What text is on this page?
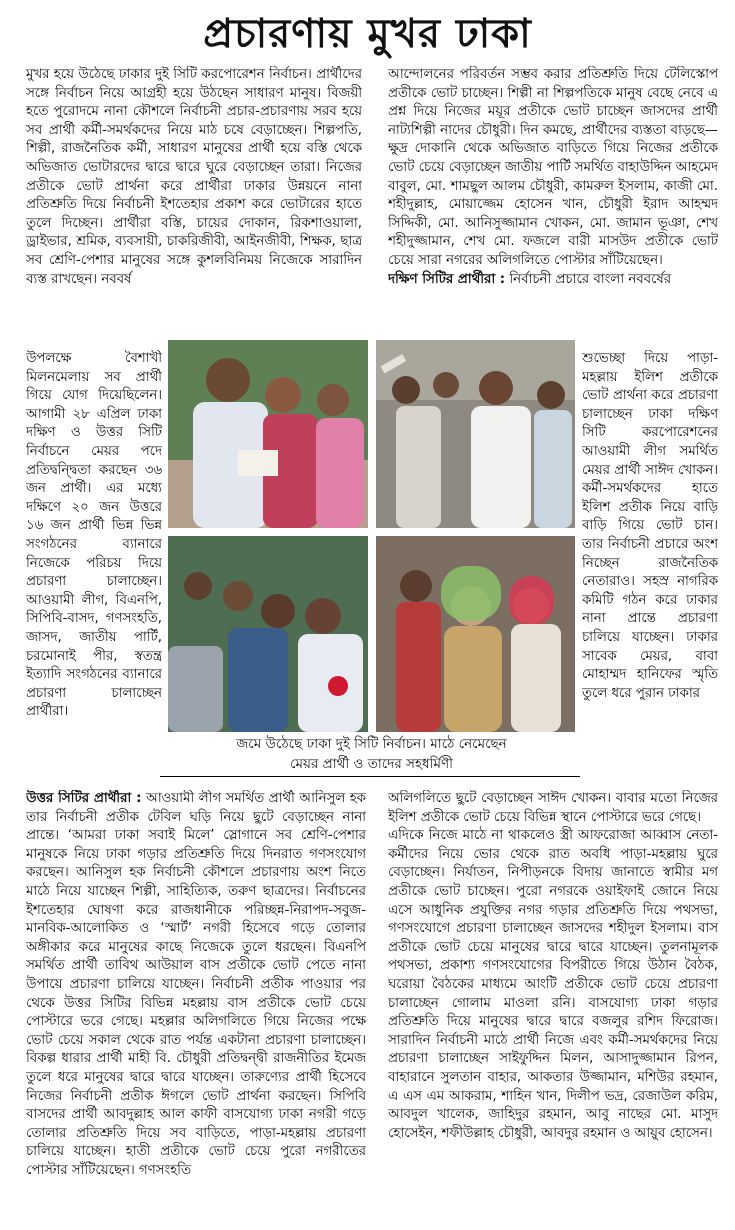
প্রচারণায় মুখর ঢাকা

মুখর হয়ে উঠেছে ঢাকার দুই সিটি করপোরেশন নির্বাচন। প্রার্থীদের সঙ্গে নির্বাচন নিয়ে আগ্রহী হয়ে উঠছেন সাধারণ মানুষ। বিজয়ী হতে পুরোদমে নানা কৌশলে নির্বাচনী প্রচার-প্রচারণায় সরব হয়ে সব প্রার্থী কর্মী-সমর্থকদের নিয়ে মাঠ চষে বেড়াচ্ছেন। শিল্পপতি, শিল্পী, রাজনৈতিক কর্মী, সাধারণ মানুষের প্রার্থী হয়ে বস্তি থেকে অভিজাত ভোটারদের দ্বারে দ্বারে ঘুরে বেড়াচ্ছেন তারা। নিজের প্রতীকে ভোট প্রার্থনা করে প্রার্থীরা ঢাকার উন্নয়নে নানা প্রতিশ্রুতি দিয়ে নির্বাচনী ইশতেহার প্রকাশ করে ভোটারের হাতে তুলে দিচ্ছেন। প্রার্থীরা বস্তি, চায়ের দোকান, রিকশাওয়ালা, ড্রাইভার, শ্রমিক, ব্যবসায়ী, চাকরিজীবী, আইনজীবী, শিক্ষক, ছাত্র সব শ্রেণি-পেশার মানুষের সঙ্গে কুশলবিনিময় নিজেকে সারাদিন ব্যস্ত রাখছেন। নববর্ষ

উপলক্ষে বৈশাখী মিলনমেলায় সব প্রার্থী গিয়ে যোগ দিয়েছিলেন। আগামী ২৮ এপ্রিল ঢাকা দক্ষিণ ও উত্তর সিটি নির্বাচনে মেয়র পদে প্রতিদ্বন্দ্বিতা করছেন ৩৬ জন প্রার্থী। এর মধ্যে দক্ষিণে ২০ জন উত্তরে ১৬ জন প্রার্থী ভিন্ন ভিন্ন সংগঠনের ব্যানারে নিজেকে পরিচয় দিয়ে প্রচারণা চালাচ্ছেন। আওয়ামী লীগ, বিএনপি, সিপিবি-বাসদ, গণসংহতি, জাসদ, জাতীয় পার্টি, চরমোনাই পীর, স্বতন্ত্র ইত্যাদি সংগঠনের ব্যানারে প্রচারণা চালাচ্ছেন প্রার্থীরা।

আন্দোলনের পরিবর্তন সম্ভব করার প্রতিশ্রুতি দিয়ে টেলিস্কোপ প্রতীকে ভোট চাচ্ছেন। শিল্পী না শিল্পপতিকে মানুষ বেছে নেবে এ প্রশ্ন দিয়ে নিজের ময়ূর প্রতীকে ভোট চাচ্ছেন জাসদের প্রার্থী নাট্যশিল্পী নাদের চৌধুরী। দিন কমছে, প্রার্থীদের ব্যস্ততা বাড়ছে— ক্ষুদ্র দোকানি থেকে অভিজাত বাড়িতে গিয়ে নিজের প্রতীকে ভোট চেয়ে বেড়াচ্ছেন জাতীয় পার্টি সমর্থিত বাহাউদ্দিন আহমেদ বাবুল, মো. শামছুল আলম চৌধুরী, কামরুল ইসলাম, কাজী মো. শহীদুল্লাহ, মোয়াজ্জেম হোসেন খান, চৌধুরী ইরাদ আহম্মদ সিদ্দিকী, মো. আনিসুজ্জামান খোকন, মো. জামান ভূঞা, শেখ শহীদুজ্জামান, শেখ মো. ফজলে বারী মাসউদ প্রতীকে ভোট চেয়ে সারা নগরের অলিগলিতে পোস্টার সাঁটিয়েছেন।

দক্ষিণ সিটির প্রার্থীরা : নির্বাচনী প্রচারে বাংলা নববর্ষের

শুভেচ্ছা দিয়ে পাড়া-মহল্লায় ইলিশ প্রতীকে ভোট প্রার্থনা করে প্রচারণা চালাচ্ছেন ঢাকা দক্ষিণ সিটি করপোরেশনের আওয়ামী লীগ সমর্থিত মেয়র প্রার্থী সাঈদ খোকন। কর্মী-সমর্থকদের হাতে ইলিশ প্রতীক নিয়ে বাড়ি বাড়ি গিয়ে ভোট চান। তার নির্বাচনী প্রচারে অংশ নিচ্ছেন রাজনৈতিক নেতারাও। সহস্র নাগরিক কমিটি গঠন করে ঢাকার নানা প্রান্তে প্রচারণা চালিয়ে যাচ্ছেন। ঢাকার সাবেক মেয়র, বাবা মোহাম্মদ হানিফের স্মৃতি তুলে ধরে পুরান ঢাকার

জমে উঠেছে ঢাকা দুই সিটি নির্বাচন। মাঠে নেমেছেন
মেয়র প্রার্থী ও তাদের সহধর্মিণী

উত্তর সিটির প্রার্থীরা : আওয়ামী লীগ সমর্থিত প্রার্থী আনিসুল হক তার নির্বাচনী প্রতীক টেবিল ঘড়ি নিয়ে ছুটে বেড়াচ্ছেন নানা প্রান্তে। ‘আমরা ঢাকা সবাই মিলে’ স্লোগানে সব শ্রেণি-পেশার মানুষকে নিয়ে ঢাকা গড়ার প্রতিশ্রুতি দিয়ে দিনরাত গণসংযোগ করছেন। আনিসুল হক নির্বাচনী কৌশলে প্রচারণায় অংশ নিতে মাঠে নিয়ে যাচ্ছেন শিল্পী, সাহিত্যিক, তরুণ ছাত্রদের। নির্বাচনের ইশতেহার ঘোষণা করে রাজধানীকে পরিচ্ছন্ন-নিরাপদ-সবুজ-মানবিক-আলোকিত ও ‘স্মার্ট’ নগরী হিসেবে গড়ে তোলার অঙ্গীকার করে মানুষের কাছে নিজেকে তুলে ধরছেন। বিএনপি সমর্থিত প্রার্থী তাবিথ আউয়াল বাস প্রতীকে ভোট পেতে নানা উপায়ে প্রচারণা চালিয়ে যাচ্ছেন। নির্বাচনী প্রতীক পাওয়ার পর থেকে উত্তর সিটির বিভিন্ন মহল্লায় বাস প্রতীকে ভোট চেয়ে পোস্টারে ভরে গেছে। মহল্লার অলিগলিতে গিয়ে নিজের পক্ষে ভোট চেয়ে সকাল থেকে রাত পর্যন্ত একটানা প্রচারণা চালাচ্ছেন। বিকল্প ধারার প্রার্থী মাহী বি. চৌধুরী প্রতিদ্বন্দ্বী রাজনীতির ইমেজ তুলে ধরে মানুষের দ্বারে দ্বারে যাচ্ছেন। তারুণ্যের প্রার্থী হিসেবে নিজের নির্বাচনী প্রতীক ঈগলে ভোট প্রার্থনা করছেন। সিপিবি বাসদের প্রার্থী আবদুল্লাহ আল কাফী বাসযোগ্য ঢাকা নগরী গড়ে তোলার প্রতিশ্রুতি দিয়ে সব বাড়িতে, পাড়া-মহল্লায় প্রচারণা চালিয়ে যাচ্ছেন। হাতী প্রতীকে ভোট চেয়ে পুরো নগরীতের পোস্টার সাঁটিয়েছেন। গণসংহতি

অলিগলিতে ছুটে বেড়াচ্ছেন সাঈদ খোকন। বাবার মতো নিজের ইলিশ প্রতীকে ভোট চেয়ে বিভিন্ন স্থানে পোস্টারে ভরে গেছে।

এদিকে নিজে মাঠে না থাকলেও স্ত্রী আফরোজা আব্বাস নেতা-কর্মীদের নিয়ে ভোর থেকে রাত অবধি পাড়া-মহল্লায় ঘুরে বেড়াচ্ছেন। নির্যাতন, নিপীড়নকে বিদায় জানাতে স্বামীর মগ প্রতীকে ভোট চাচ্ছেন। পুরো নগরকে ওয়াইফাই জোনে নিয়ে এসে আধুনিক প্রযুক্তির নগর গড়ার প্রতিশ্রুতি দিয়ে পথসভা, গণসংযোগে প্রচারণা চালাচ্ছেন জাসদের শহীদুল ইসলাম। বাস প্রতীকে ভোট চেয়ে মানুষের দ্বারে দ্বারে যাচ্ছেন। তুলনামূলক পথসভা, প্রকাশ্য গণসংযোগের বিপরীতে গিয়ে উঠান বৈঠক, ঘরোয়া বৈঠকের মাধ্যমে আংটি প্রতীকে ভোট চেয়ে প্রচারণা চালাচ্ছেন গোলাম মাওলা রনি। বাসযোগ্য ঢাকা গড়ার প্রতিশ্রুতি দিয়ে মানুষের দ্বারে দ্বারে বজলুর রশিদ ফিরোজ। সারাদিন নির্বাচনী মাঠে প্রার্থী নিজে এবং কর্মী-সমর্থকদের নিয়ে প্রচারণা চালাচ্ছেন সাইফুদ্দিন মিলন, আসাদুজ্জামান রিপন, বাহারানে সুলতান বাহার, আকতার উজ্জামান, মশিউর রহমান, এ এস এম আকরাম, শাহিন খান, দিলীপ ভদ্র, রেজাউল করিম, আবদুল খালেক, জাহিদুর রহমান, আবু নাছের মো. মাসুদ হোসেইন, শফীউল্লাহ চৌধুরী, আবদুর রহমান ও আয়ুব হোসেন।
